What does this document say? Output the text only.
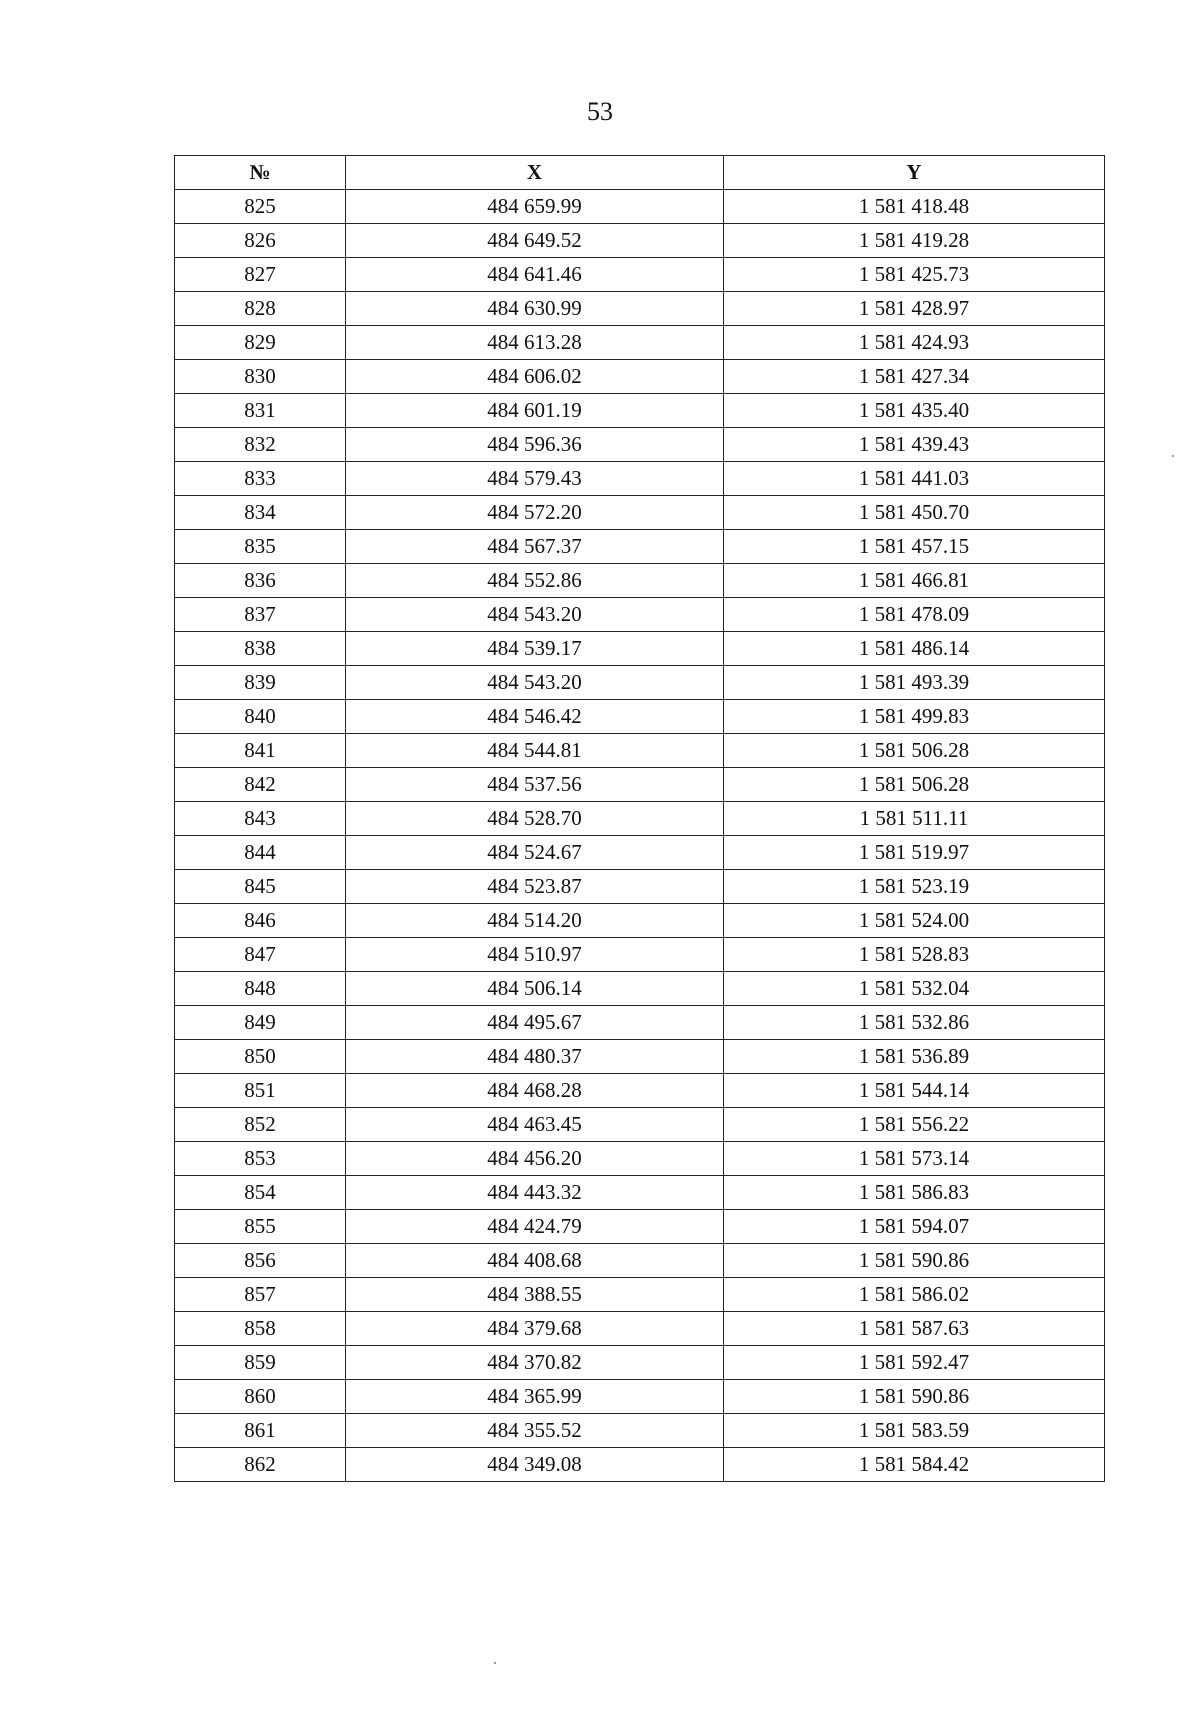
53
№	X	Y
825	484 659.99	1 581 418.48
826	484 649.52	1 581 419.28
827	484 641.46	1 581 425.73
828	484 630.99	1 581 428.97
829	484 613.28	1 581 424.93
830	484 606.02	1 581 427.34
831	484 601.19	1 581 435.40
832	484 596.36	1 581 439.43
833	484 579.43	1 581 441.03
834	484 572.20	1 581 450.70
835	484 567.37	1 581 457.15
836	484 552.86	1 581 466.81
837	484 543.20	1 581 478.09
838	484 539.17	1 581 486.14
839	484 543.20	1 581 493.39
840	484 546.42	1 581 499.83
841	484 544.81	1 581 506.28
842	484 537.56	1 581 506.28
843	484 528.70	1 581 511.11
844	484 524.67	1 581 519.97
845	484 523.87	1 581 523.19
846	484 514.20	1 581 524.00
847	484 510.97	1 581 528.83
848	484 506.14	1 581 532.04
849	484 495.67	1 581 532.86
850	484 480.37	1 581 536.89
851	484 468.28	1 581 544.14
852	484 463.45	1 581 556.22
853	484 456.20	1 581 573.14
854	484 443.32	1 581 586.83
855	484 424.79	1 581 594.07
856	484 408.68	1 581 590.86
857	484 388.55	1 581 586.02
858	484 379.68	1 581 587.63
859	484 370.82	1 581 592.47
860	484 365.99	1 581 590.86
861	484 355.52	1 581 583.59
862	484 349.08	1 581 584.42
